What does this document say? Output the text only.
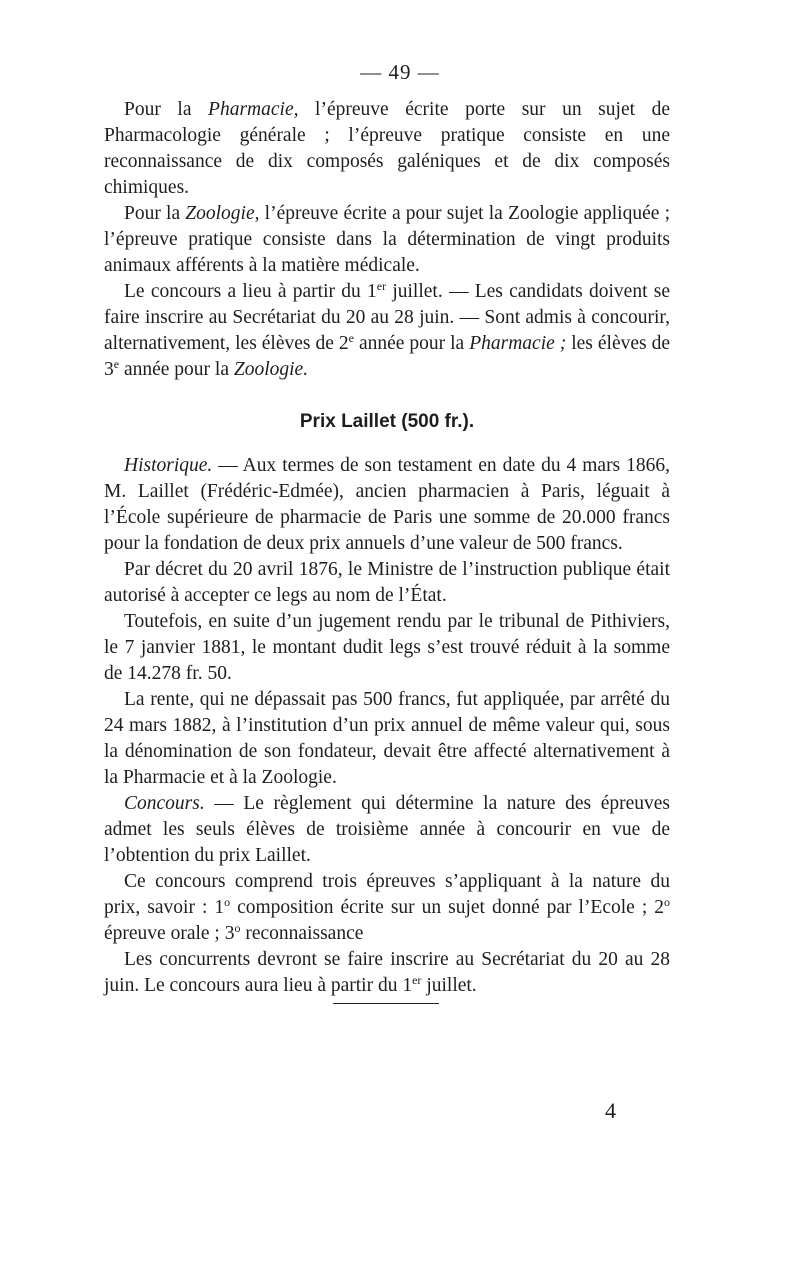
— 49 —

Pour la Pharmacie, l’épreuve écrite porte sur un sujet de Pharmacologie générale ; l’épreuve pratique consiste en une reconnaissance de dix composés galéniques et de dix composés chimiques.

Pour la Zoologie, l’épreuve écrite a pour sujet la Zoologie appliquée ; l’épreuve pratique consiste dans la détermination de vingt produits animaux afférents à la matière médicale.

Le concours a lieu à partir du 1er juillet. — Les candidats doivent se faire inscrire au Secrétariat du 20 au 28 juin. — Sont admis à concourir, alternativement, les élèves de 2e année pour la Pharmacie ; les élèves de 3e année pour la Zoologie.

Prix Laillet (500 fr.).

Historique. — Aux termes de son testament en date du 4 mars 1866, M. Laillet (Frédéric-Edmée), ancien pharmacien à Paris, léguait à l’École supérieure de pharmacie de Paris une somme de 20.000 francs pour la fondation de deux prix annuels d’une valeur de 500 francs.

Par décret du 20 avril 1876, le Ministre de l’instruction publique était autorisé à accepter ce legs au nom de l’État.

Toutefois, en suite d’un jugement rendu par le tribunal de Pithiviers, le 7 janvier 1881, le montant dudit legs s’est trouvé réduit à la somme de 14.278 fr. 50.

La rente, qui ne dépassait pas 500 francs, fut appliquée, par arrêté du 24 mars 1882, à l’institution d’un prix annuel de même valeur qui, sous la dénomination de son fondateur, devait être affecté alternativement à la Pharmacie et à la Zoologie.

Concours. — Le règlement qui détermine la nature des épreuves admet les seuls élèves de troisième année à concourir en vue de l’obtention du prix Laillet.

Ce concours comprend trois épreuves s’appliquant à la nature du prix, savoir : 1$^o$ composition écrite sur un sujet donné par l’Ecole ; 2$^o$ épreuve orale ; 3$^o$ reconnaissance

Les concurrents devront se faire inscrire au Secrétariat du 20 au 28 juin. Le concours aura lieu à partir du 1er juillet.

4
